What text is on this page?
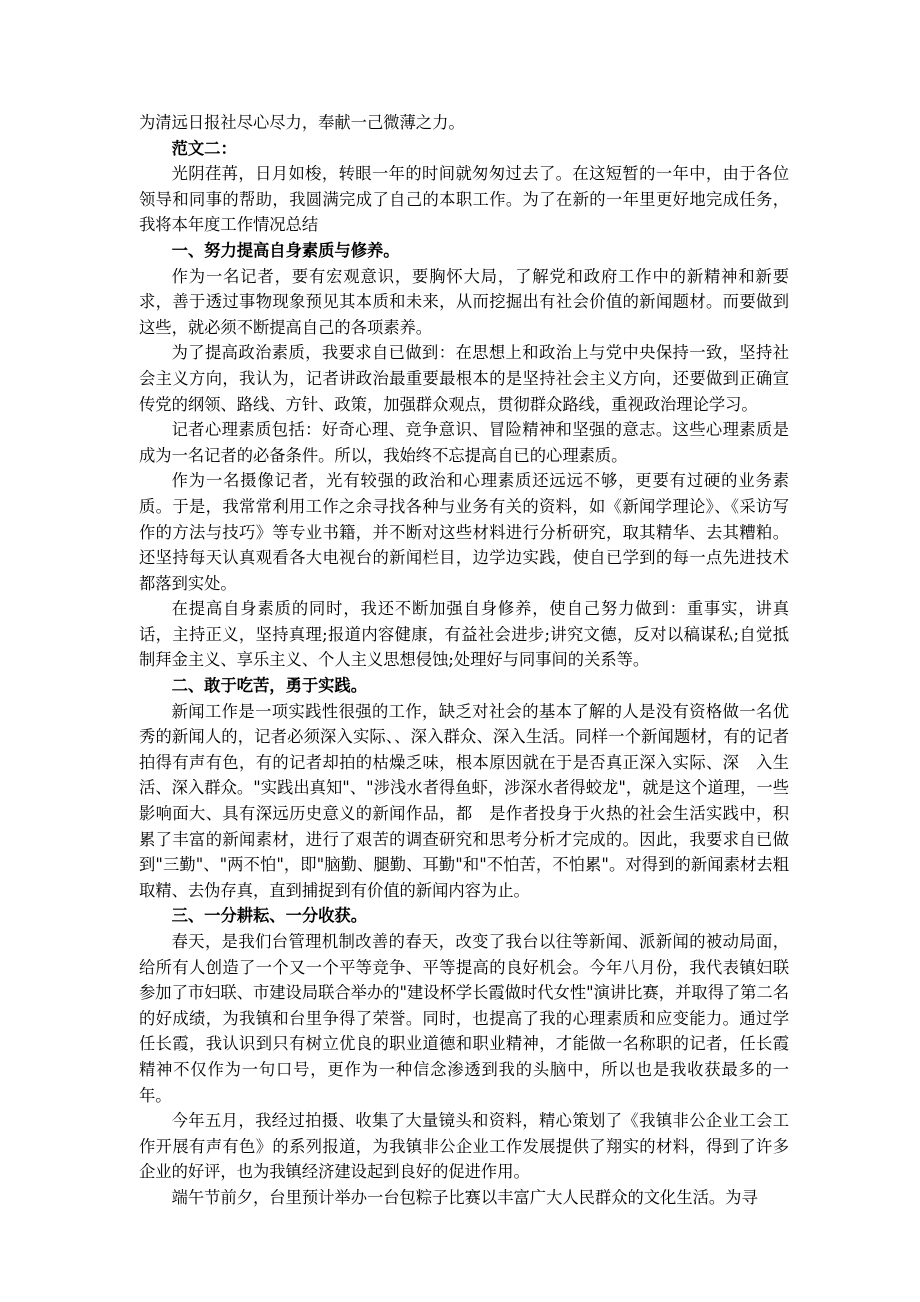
为清远日报社尽心尽力，奉献一己微薄之力。

范文二：

光阴荏苒，日月如梭，转眼一年的时间就匆匆过去了。在这短暂的一年中，由于各位领导和同事的帮助，我圆满完成了自己的本职工作。为了在新的一年里更好地完成任务，我将本年度工作情况总结

一、努力提高自身素质与修养。

作为一名记者，要有宏观意识，要胸怀大局，了解党和政府工作中的新精神和新要求，善于透过事物现象预见其本质和未来，从而挖掘出有社会价值的新闻题材。而要做到这些，就必须不断提高自己的各项素养。

为了提高政治素质，我要求自已做到：在思想上和政治上与党中央保持一致，坚持社会主义方向，我认为，记者讲政治最重要最根本的是坚持社会主义方向，还要做到正确宣传党的纲领、路线、方针、政策，加强群众观点，贯彻群众路线，重视政治理论学习。

记者心理素质包括：好奇心理、竞争意识、冒险精神和坚强的意志。这些心理素质是成为一名记者的必备条件。所以，我始终不忘提高自已的心理素质。

作为一名摄像记者，光有较强的政治和心理素质还远远不够，更要有过硬的业务素质。于是，我常常利用工作之余寻找各种与业务有关的资料，如《新闻学理论》、《采访写作的方法与技巧》等专业书籍，并不断对这些材料进行分析研究，取其精华、去其糟粕。还坚持每天认真观看各大电视台的新闻栏目，边学边实践，使自已学到的每一点先进技术都落到实处。

在提高自身素质的同时，我还不断加强自身修养，使自己努力做到：重事实，讲真话，主持正义，坚持真理;报道内容健康，有益社会进步;讲究文德，反对以稿谋私;自觉抵制拜金主义、享乐主义、个人主义思想侵蚀;处理好与同事间的关系等。

二、敢于吃苦，勇于实践。

新闻工作是一项实践性很强的工作，缺乏对社会的基本了解的人是没有资格做一名优秀的新闻人的，记者必须深入实际、、深入群众、深入生活。同样一个新闻题材，有的记者拍得有声有色，有的记者却拍的枯燥乏味，根本原因就在于是否真正深入实际、深　入生活、深入群众。"实践出真知"、"涉浅水者得鱼虾，涉深水者得蛟龙"，就是这个道理，一些影响面大、具有深远历史意义的新闻作品，都　是作者投身于火热的社会生活实践中，积累了丰富的新闻素材，进行了艰苦的调查研究和思考分析才完成的。因此，我要求自已做到"三勤"、"两不怕"，即"脑勤、腿勤、耳勤"和"不怕苦，不怕累"。对得到的新闻素材去粗取精、去伪存真，直到捕捉到有价值的新闻内容为止。

三、一分耕耘、一分收获。

春天，是我们台管理机制改善的春天，改变了我台以往等新闻、派新闻的被动局面，给所有人创造了一个又一个平等竞争、平等提高的良好机会。今年八月份，我代表镇妇联参加了市妇联、市建设局联合举办的"建设杯学长霞做时代女性"演讲比赛，并取得了第二名的好成绩，为我镇和台里争得了荣誉。同时，也提高了我的心理素质和应变能力。通过学任长霞，我认识到只有树立优良的职业道德和职业精神，才能做一名称职的记者，任长霞精神不仅作为一句口号，更作为一种信念渗透到我的头脑中，所以也是我收获最多的一年。

今年五月，我经过拍摄、收集了大量镜头和资料，精心策划了《我镇非公企业工会工作开展有声有色》的系列报道，为我镇非公企业工作发展提供了翔实的材料，得到了许多企业的好评，也为我镇经济建设起到良好的促进作用。

端午节前夕，台里预计举办一台包粽子比赛以丰富广大人民群众的文化生活。为寻
